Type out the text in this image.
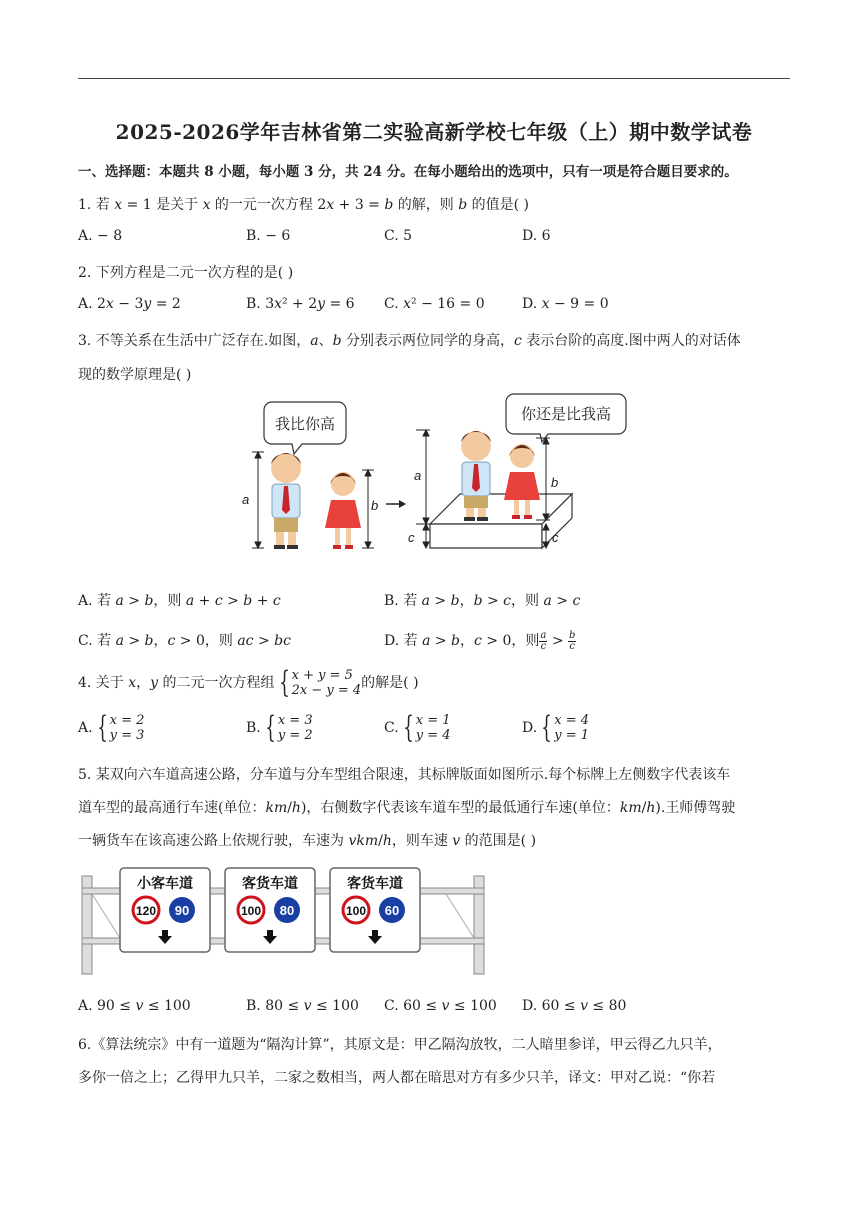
2025-2026学年吉林省第二实验高新学校七年级（上）期中数学试卷
一、选择题：本题共 8 小题，每小题 3 分，共 24 分。在每小题给出的选项中，只有一项是符合题目要求的。
1. 若 𝑥 = 1 是关于 𝑥 的一元一次方程 2𝑥 + 3 = 𝑏 的解，则 𝑏 的值是( )
A. − 8	B. − 6	C. 5	D. 6
2. 下列方程是二元一次方程的是( )
A. 2𝑥 − 3𝑦 = 2	B. 3𝑥² + 2𝑦 = 6 C. 𝑥² − 16 = 0	D. 𝑥 − 9 = 0
3. 不等关系在生活中广泛存在.如图，𝑎、𝑏 分别表示两位同学的身高，𝑐 表示台阶的高度.图中两人的对话体
现的数学原理是( )
我比你高
a	b
你还是比我高
a	b
c	c
A. 若 𝑎 > 𝑏，则 𝑎 + 𝑐 > 𝑏 + 𝑐	B. 若 𝑎 > 𝑏，𝑏 > 𝑐，则 𝑎 > 𝑐
C. 若 𝑎 > 𝑏，𝑐 > 0，则 𝑎𝑐 > 𝑏𝑐	D. 若 𝑎 > 𝑏，𝑐 > 0，则 $\frac{a}{c} > \frac{b}{c}$
4. 关于 𝑥，𝑦 的二元一次方程组 { 𝑥 + 𝑦 = 5
2𝑥 − 𝑦 = 4 的解是( )
A. { 𝑥 = 2
𝑦 = 3	B. { 𝑥 = 3
𝑦 = 2	C. { 𝑥 = 1
𝑦 = 4	D. { 𝑥 = 4
𝑦 = 1
5. 某双向六车道高速公路，分车道与分车型组合限速，其标牌版面如图所示.每个标牌上左侧数字代表该车
道车型的最高通行车速(单位：𝑘𝑚/ℎ)，右侧数字代表该车道车型的最低通行车速(单位：𝑘𝑚/ℎ).王师傅驾驶
一辆货车在该高速公路上依规行驶，车速为 𝑣𝑘𝑚/ℎ，则车速 𝑣 的范围是( )
小客车道
120 90
客货车道
100 80
客货车道
100 60
A. 90 ≤ 𝑣 ≤ 100	B. 80 ≤ 𝑣 ≤ 100 C. 60 ≤ 𝑣 ≤ 100 D. 60 ≤ 𝑣 ≤ 80
6.《算法统宗》中有一道题为“隔沟计算”，其原文是：甲乙隔沟放牧，二人暗里参详，甲云得乙九只羊，
多你一倍之上；乙得甲九只羊，二家之数相当，两人都在暗思对方有多少只羊，译文：甲对乙说：“你若
